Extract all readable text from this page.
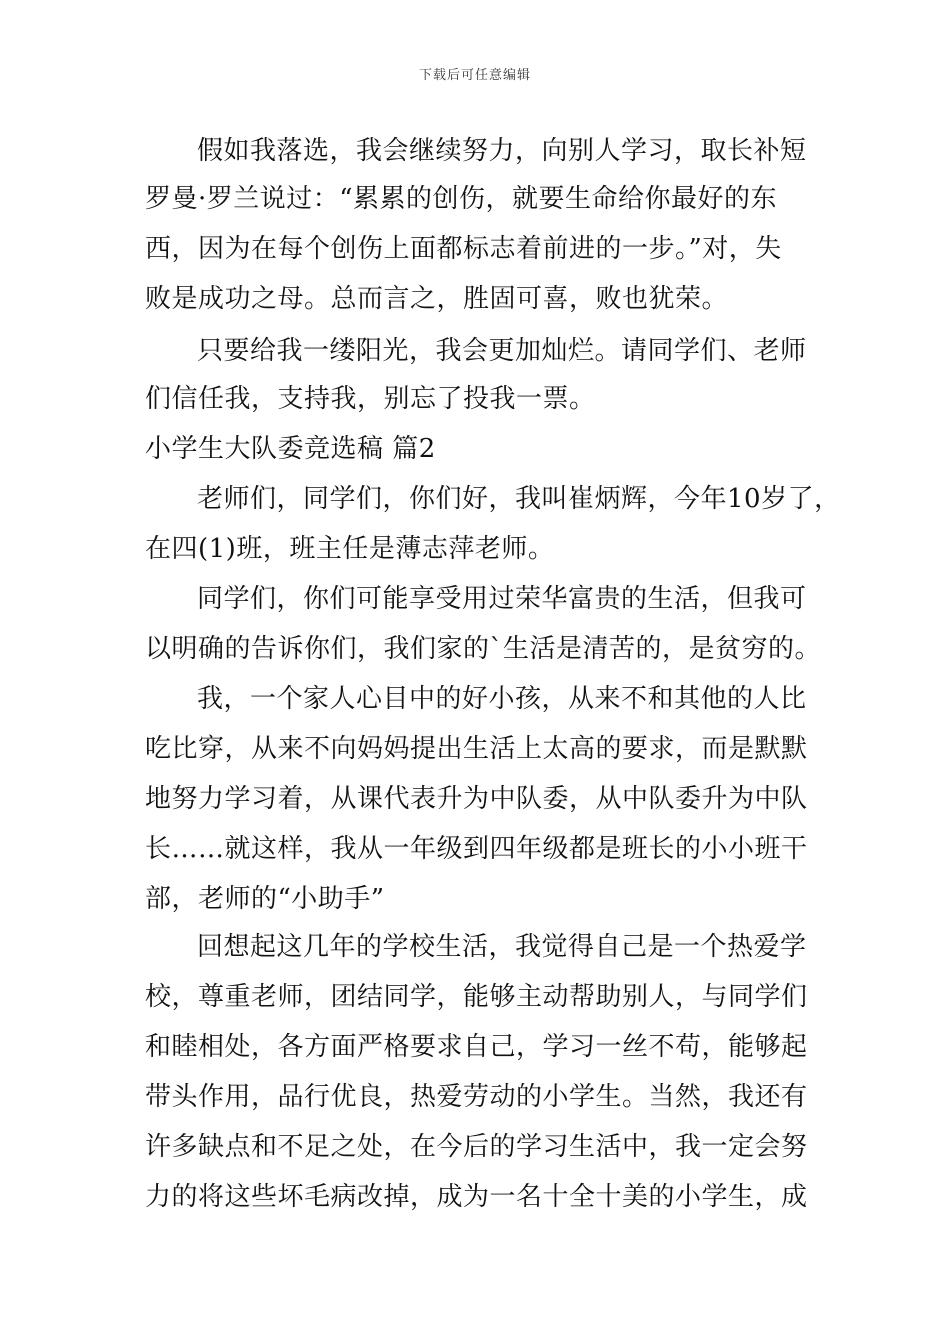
下载后可任意编辑
假如我落选，我会继续努力，向别人学习，取长补短
罗曼·罗兰说过：“累累的创伤，就要生命给你最好的东
西，因为在每个创伤上面都标志着前进的一步。”对，失
败是成功之母。总而言之，胜固可喜，败也犹荣。
只要给我一缕阳光，我会更加灿烂。请同学们、老师
们信任我，支持我，别忘了投我一票。
小学生大队委竞选稿 篇2
老师们，同学们，你们好，我叫崔炳辉，今年10岁了，
在四(1)班，班主任是薄志萍老师。
同学们，你们可能享受用过荣华富贵的生活，但我可
以明确的告诉你们，我们家的`生活是清苦的，是贫穷的。
我，一个家人心目中的好小孩，从来不和其他的人比
吃比穿，从来不向妈妈提出生活上太高的要求，而是默默
地努力学习着，从课代表升为中队委，从中队委升为中队
长……就这样，我从一年级到四年级都是班长的小小班干
部，老师的“小助手”
回想起这几年的学校生活，我觉得自己是一个热爱学
校，尊重老师，团结同学，能够主动帮助别人，与同学们
和睦相处，各方面严格要求自己，学习一丝不苟，能够起
带头作用，品行优良，热爱劳动的小学生。当然，我还有
许多缺点和不足之处，在今后的学习生活中，我一定会努
力的将这些坏毛病改掉，成为一名十全十美的小学生，成
